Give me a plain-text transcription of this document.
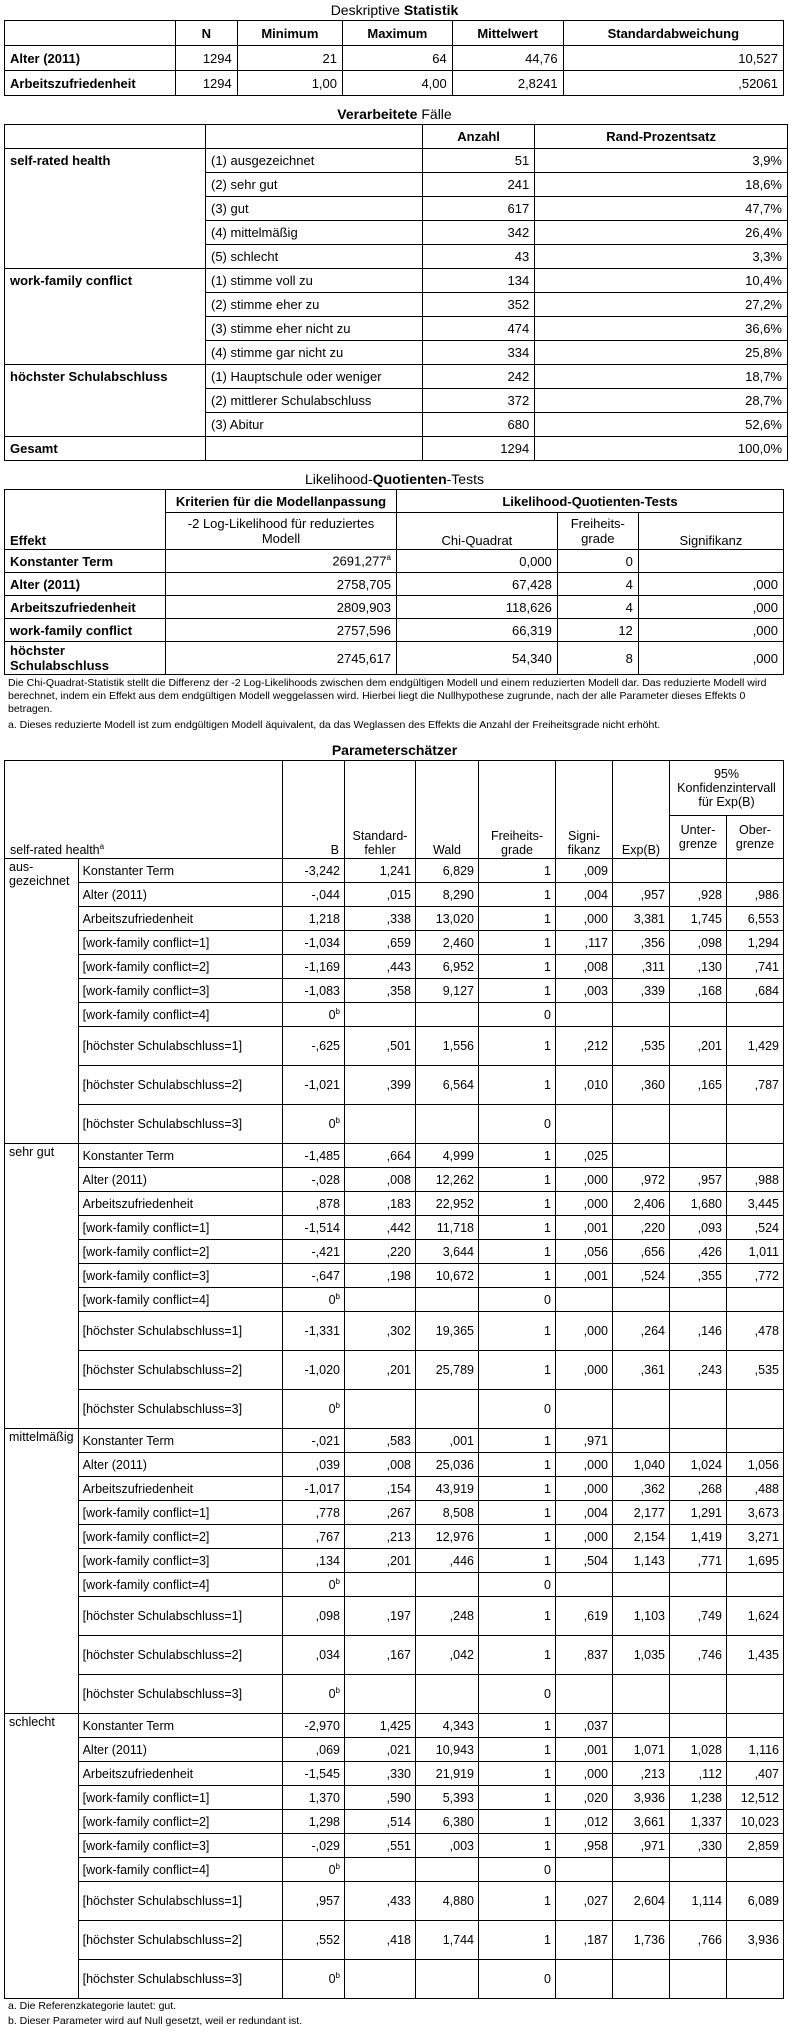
Deskriptive Statistik
	N	Minimum	Maximum	Mittelwert	Standardabweichung
Alter (2011)	1294	21	64	44,76	10,527
Arbeitszufriedenheit	1294	1,00	4,00	2,8241	,52061
Verarbeitete Fälle
		Anzahl	Rand-Prozentsatz
self-rated health	(1) ausgezeichnet	51	3,9%
	(2) sehr gut	241	18,6%
	(3) gut	617	47,7%
	(4) mittelmäßig	342	26,4%
	(5) schlecht	43	3,3%
work-family conflict	(1) stimme voll zu	134	10,4%
	(2) stimme eher zu	352	27,2%
	(3) stimme eher nicht zu	474	36,6%
	(4) stimme gar nicht zu	334	25,8%
höchster Schulabschluss	(1) Hauptschule oder weniger	242	18,7%
	(2) mittlerer Schulabschluss	372	28,7%
	(3) Abitur	680	52,6%
Gesamt		1294	100,0%
Likelihood-Quotienten-Tests
Effekt	Kriterien für die Modellanpassung	Likelihood-Quotienten-Tests		
	-2 Log-Likelihood für reduziertes Modell	Chi-Quadrat	Freiheits-grade	Signifikanz
Konstanter Term	2691,277$^a$	0,000	0	
Alter (2011)	2758,705	67,428	4	,000
Arbeitszufriedenheit	2809,903	118,626	4	,000
work-family conflict	2757,596	66,319	12	,000
höchster Schulabschluss	2745,617	54,340	8	,000
Die Chi-Quadrat-Statistik stellt die Differenz der -2 Log-Likelihoods zwischen dem endgültigen Modell und einem reduzierten Modell dar. Das reduzierte Modell wird berechnet, indem ein Effekt aus dem endgültigen Modell weggelassen wird. Hierbei liegt die Nullhypothese zugrunde, nach der alle Parameter dieses Effekts 0 betragen.
a. Dieses reduzierte Modell ist zum endgültigen Modell äquivalent, da das Weglassen des Effekts die Anzahl der Freiheitsgrade nicht erhöht.
Parameterschätzer
self-rated health$^a$		B	Standard-fehler	Wald	Freiheits-grade	Signi-fikanz	Exp(B)	95% Konfidenzintervall für Exp(B)	
								Unter-grenze	Ober-grenze
aus-gezeichnet	Konstanter Term	-3,242	1,241	6,829	1	,009			
	Alter (2011)	-,044	,015	8,290	1	,004	,957	,928	,986
	Arbeitszufriedenheit	1,218	,338	13,020	1	,000	3,381	1,745	6,553
	[work-family conflict=1]	-1,034	,659	2,460	1	,117	,356	,098	1,294
	[work-family conflict=2]	-1,169	,443	6,952	1	,008	,311	,130	,741
	[work-family conflict=3]	-1,083	,358	9,127	1	,003	,339	,168	,684
	[work-family conflict=4]	0$^b$			0				
	[höchster Schulabschluss=1]	-,625	,501	1,556	1	,212	,535	,201	1,429
	[höchster Schulabschluss=2]	-1,021	,399	6,564	1	,010	,360	,165	,787
	[höchster Schulabschluss=3]	0$^b$			0				
sehr gut	Konstanter Term	-1,485	,664	4,999	1	,025			
	Alter (2011)	-,028	,008	12,262	1	,000	,972	,957	,988
	Arbeitszufriedenheit	,878	,183	22,952	1	,000	2,406	1,680	3,445
	[work-family conflict=1]	-1,514	,442	11,718	1	,001	,220	,093	,524
	[work-family conflict=2]	-,421	,220	3,644	1	,056	,656	,426	1,011
	[work-family conflict=3]	-,647	,198	10,672	1	,001	,524	,355	,772
	[work-family conflict=4]	0$^b$			0				
	[höchster Schulabschluss=1]	-1,331	,302	19,365	1	,000	,264	,146	,478
	[höchster Schulabschluss=2]	-1,020	,201	25,789	1	,000	,361	,243	,535
	[höchster Schulabschluss=3]	0$^b$			0				
mittelmäßig	Konstanter Term	-,021	,583	,001	1	,971			
	Alter (2011)	,039	,008	25,036	1	,000	1,040	1,024	1,056
	Arbeitszufriedenheit	-1,017	,154	43,919	1	,000	,362	,268	,488
	[work-family conflict=1]	,778	,267	8,508	1	,004	2,177	1,291	3,673
	[work-family conflict=2]	,767	,213	12,976	1	,000	2,154	1,419	3,271
	[work-family conflict=3]	,134	,201	,446	1	,504	1,143	,771	1,695
	[work-family conflict=4]	0$^b$			0				
	[höchster Schulabschluss=1]	,098	,197	,248	1	,619	1,103	,749	1,624
	[höchster Schulabschluss=2]	,034	,167	,042	1	,837	1,035	,746	1,435
	[höchster Schulabschluss=3]	0$^b$			0				
schlecht	Konstanter Term	-2,970	1,425	4,343	1	,037			
	Alter (2011)	,069	,021	10,943	1	,001	1,071	1,028	1,116
	Arbeitszufriedenheit	-1,545	,330	21,919	1	,000	,213	,112	,407
	[work-family conflict=1]	1,370	,590	5,393	1	,020	3,936	1,238	12,512
	[work-family conflict=2]	1,298	,514	6,380	1	,012	3,661	1,337	10,023
	[work-family conflict=3]	-,029	,551	,003	1	,958	,971	,330	2,859
	[work-family conflict=4]	0$^b$			0				
	[höchster Schulabschluss=1]	,957	,433	4,880	1	,027	2,604	1,114	6,089
	[höchster Schulabschluss=2]	,552	,418	1,744	1	,187	1,736	,766	3,936
	[höchster Schulabschluss=3]	0$^b$			0				
a. Die Referenzkategorie lautet: gut.
b. Dieser Parameter wird auf Null gesetzt, weil er redundant ist.
